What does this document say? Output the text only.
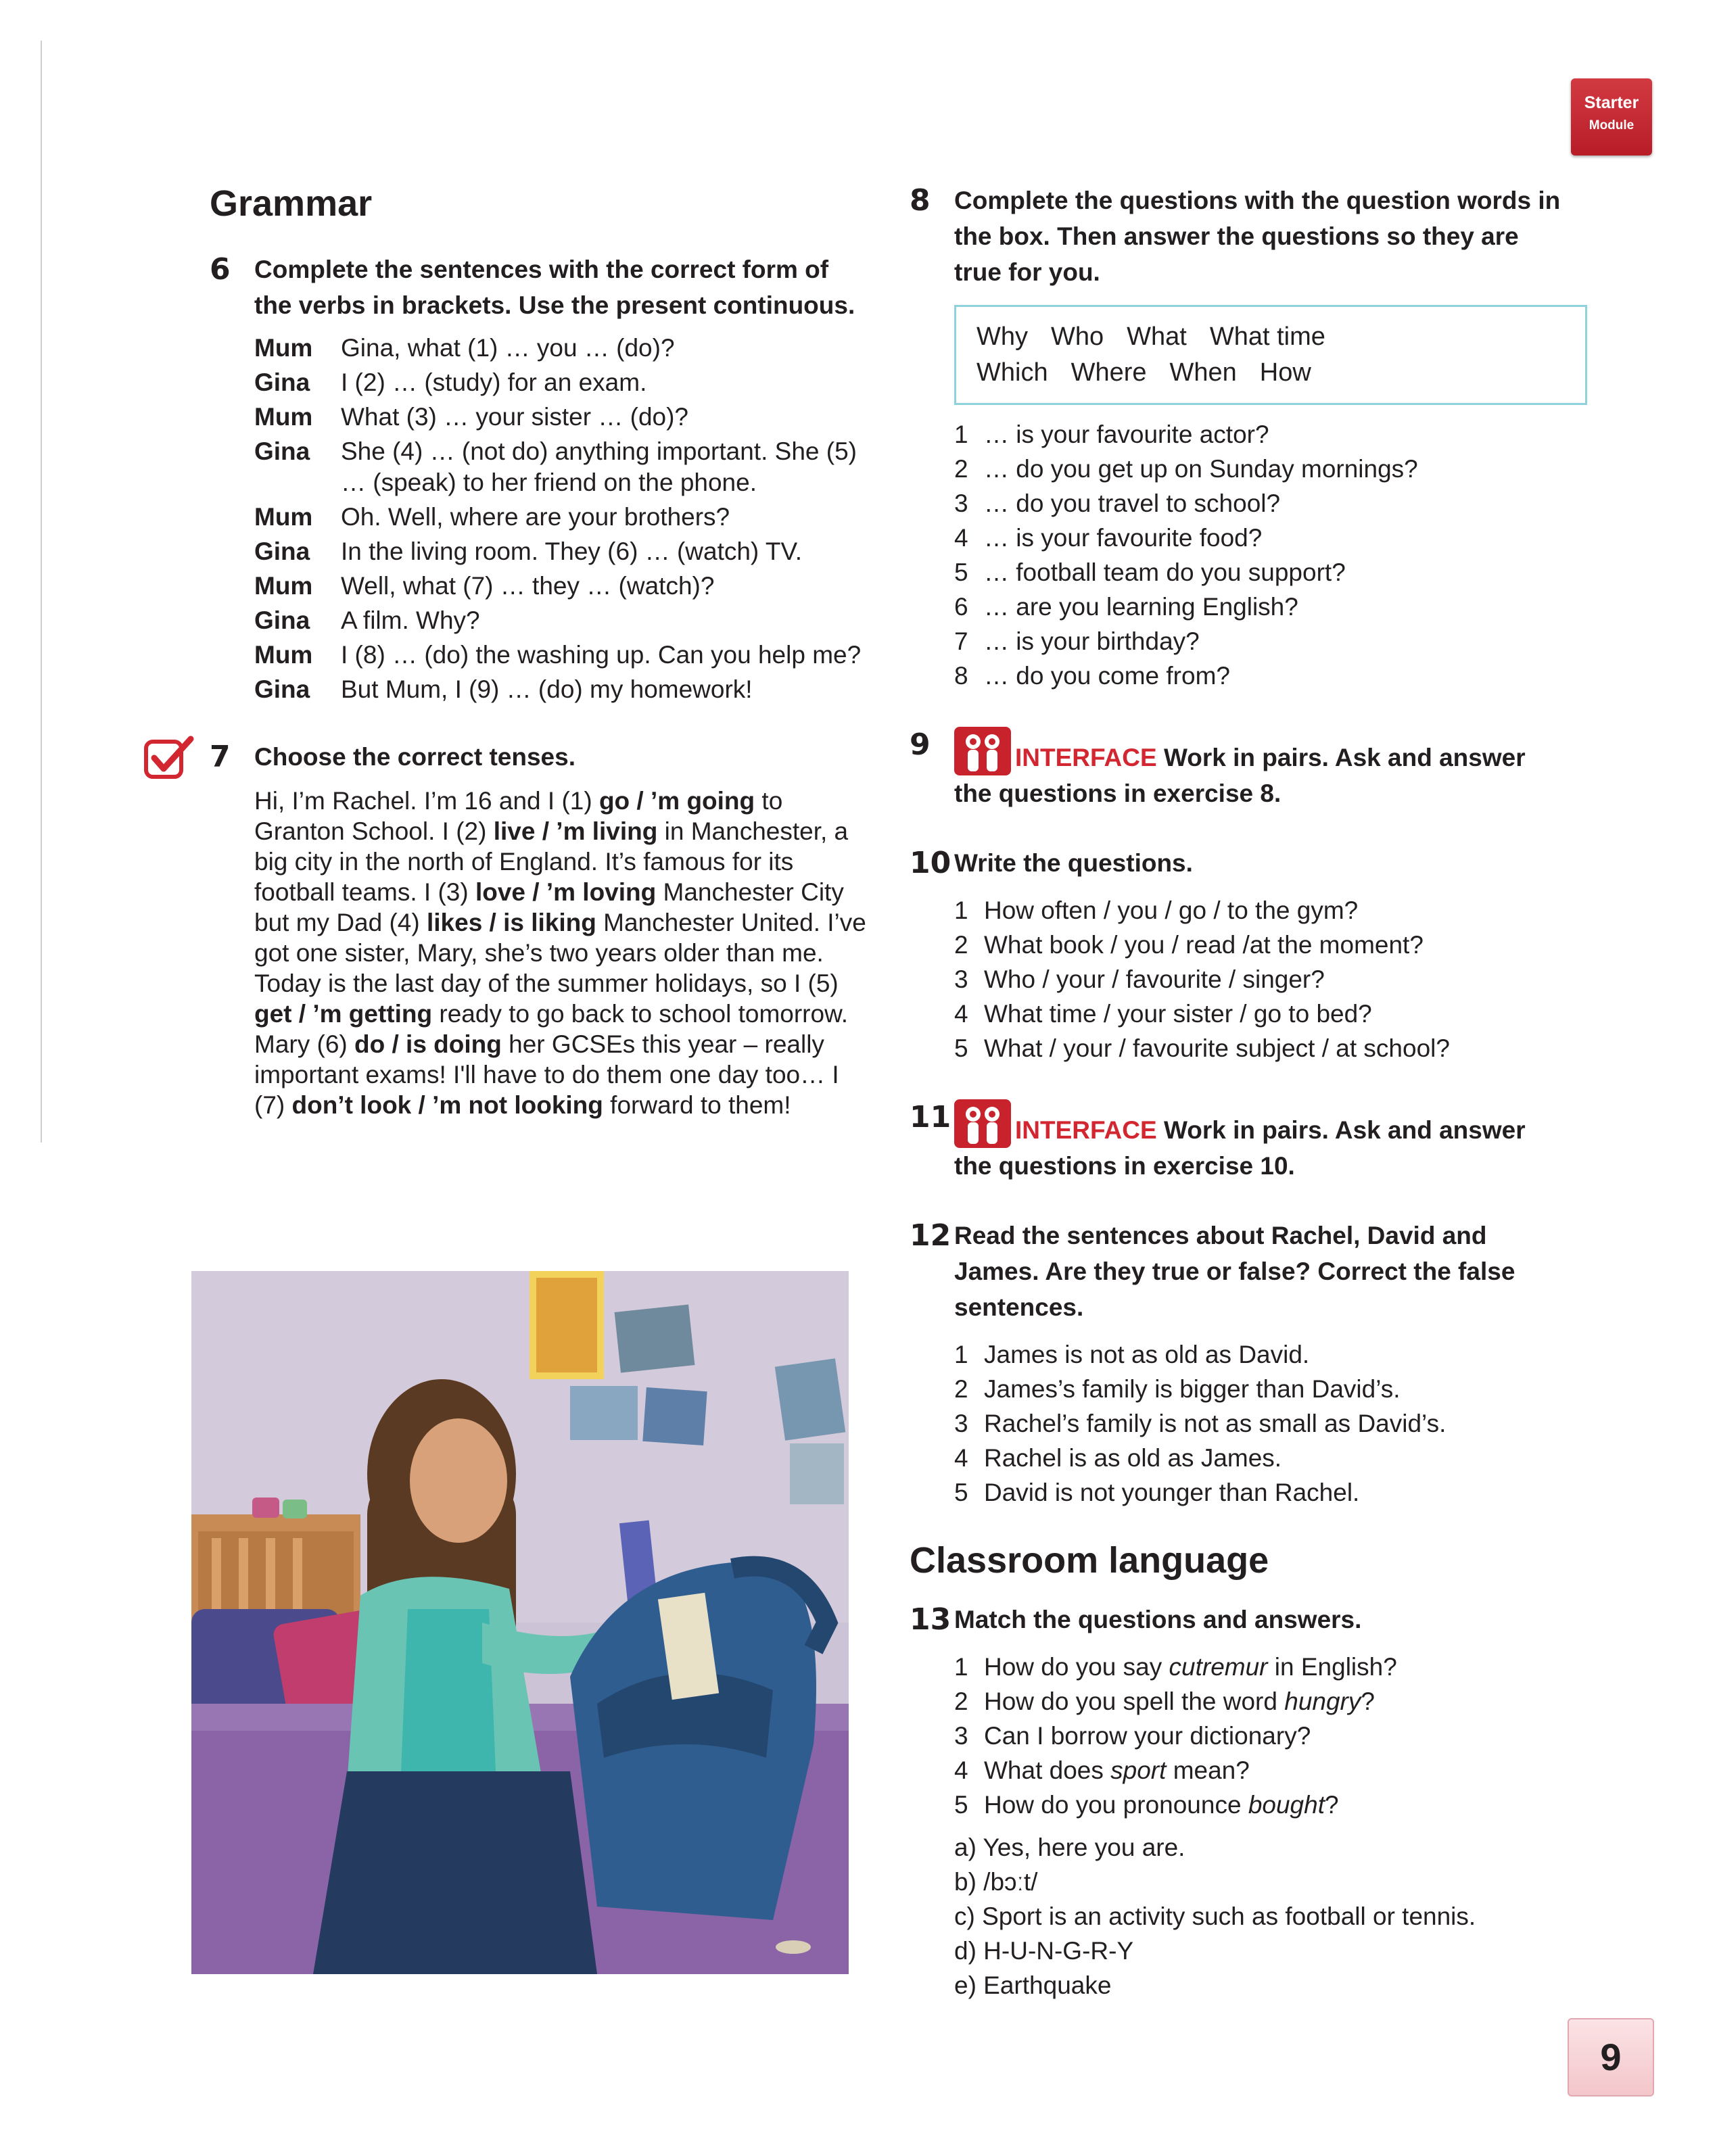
Starter
Module
Grammar
6 Complete the sentences with the correct form of the verbs in brackets. Use the present continuous.
Mum	Gina, what (1) … you … (do)?
Gina	I (2) … (study) for an exam.
Mum	What (3) … your sister … (do)?
Gina	She (4) … (not do) anything important. She (5) … (speak) to her friend on the phone.
Mum	Oh. Well, where are your brothers?
Gina	In the living room. They (6) … (watch) TV.
Mum	Well, what (7) … they … (watch)?
Gina	A film. Why?
Mum	I (8) … (do) the washing up. Can you help me?
Gina	But Mum, I (9) … (do) my homework!
7 Choose the correct tenses.
Hi, I’m Rachel. I’m 16 and I (1) go / ’m going to Granton School. I (2) live / ’m living in Manchester, a big city in the north of England. It’s famous for its football teams. I (3) love / ’m loving Manchester City but my Dad (4) likes / is liking Manchester United. I’ve got one sister, Mary, she’s two years older than me. Today is the last day of the summer holidays, so I (5) get / ’m getting ready to go back to school tomorrow. Mary (6) do / is doing her GCSEs this year – really important exams! I'll have to do them one day too… I (7) don’t look / ’m not looking forward to them!
8 Complete the questions with the question words in the box. Then answer the questions so they are true for you.
Why Who What What time
Which Where When How
1 … is your favourite actor?
2 … do you get up on Sunday mornings?
3 … do you travel to school?
4 … is your favourite food?
5 … football team do you support?
6 … are you learning English?
7 … is your birthday?
8 … do you come from?
9	INTERFACE Work in pairs. Ask and answer the questions in exercise 8.
10 Write the questions.
1 How often / you / go / to the gym?
2 What book / you / read /at the moment?
3 Who / your / favourite / singer?
4 What time / your sister / go to bed?
5 What / your / favourite subject / at school?
11	INTERFACE Work in pairs. Ask and answer the questions in exercise 10.
12 Read the sentences about Rachel, David and James. Are they true or false? Correct the false sentences.
1 James is not as old as David.
2 James’s family is bigger than David’s.
3 Rachel’s family is not as small as David’s.
4 Rachel is as old as James.
5 David is not younger than Rachel.
Classroom language
13 Match the questions and answers.
1 How do you say cutremur in English?
2 How do you spell the word hungry?
3 Can I borrow your dictionary?
4 What does sport mean?
5 How do you pronounce bought?
a) Yes, here you are.
b) /bɔːt/
c) Sport is an activity such as football or tennis.
d) H-U-N-G-R-Y
e) Earthquake
9
